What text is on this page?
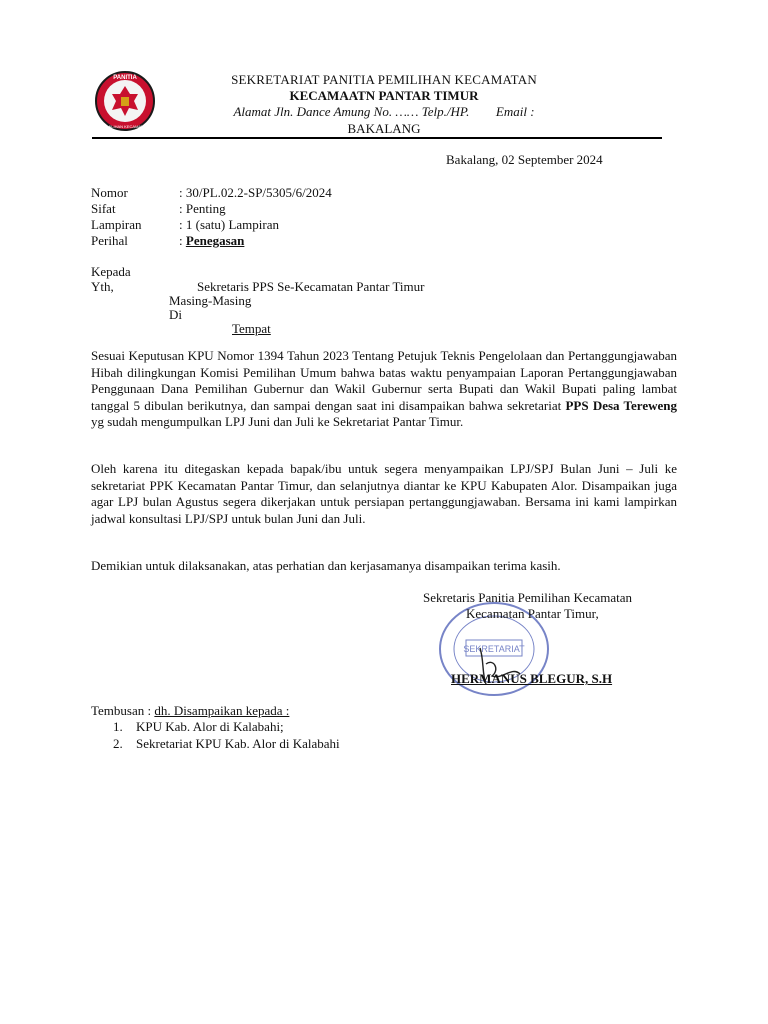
PANITIA
PEMILIHAN KECAMATAN
SEKRETARIAT PANITIA PEMILIHAN KECAMATAN
KECAMAATN PANTAR TIMUR
Alamat Jln. Dance Amung No. …… Telp./HP. Email :
BAKALANG
Bakalang, 02 September 2024
Nomor	: 30/PL.02.2-SP/5305/6/2024
Sifat	: Penting
Lampiran	: 1 (satu) Lampiran
Perihal	: Penegasan
Kepada
Yth,	Sekretaris PPS Se-Kecamatan Pantar Timur
Masing-Masing
Di
Tempat
Sesuai Keputusan KPU Nomor 1394 Tahun 2023 Tentang Petujuk Teknis Pengelolaan dan Pertanggungjawaban Hibah dilingkungan Komisi Pemilihan Umum bahwa batas waktu penyampaian Laporan Pertanggungjawaban Penggunaan Dana Pemilihan Gubernur dan Wakil Gubernur serta Bupati dan Wakil Bupati paling lambat tanggal 5 dibulan berikutnya, dan sampai dengan saat ini disampaikan bahwa sekretariat PPS Desa Tereweng yg sudah mengumpulkan LPJ Juni dan Juli ke Sekretariat Pantar Timur.
Oleh karena itu ditegaskan kepada bapak/ibu untuk segera menyampaikan LPJ/SPJ Bulan Juni – Juli ke sekretariat PPK Kecamatan Pantar Timur, dan selanjutnya diantar ke KPU Kabupaten Alor. Disampaikan juga agar LPJ bulan Agustus segera dikerjakan untuk persiapan pertanggungjawaban. Bersama ini kami lampirkan jadwal konsultasi LPJ/SPJ untuk bulan Juni dan Juli.
Demikian untuk dilaksanakan, atas perhatian dan kerjasamanya disampaikan terima kasih.
SEKRETARIAT
Sekretaris Panitia Pemilihan Kecamatan
Kecamatan Pantar Timur,
HERMANUS BLEGUR, S.H
Tembusan : dh. Disampaikan kepada :
1. KPU Kab. Alor di Kalabahi;
2. Sekretariat KPU Kab. Alor di Kalabahi
